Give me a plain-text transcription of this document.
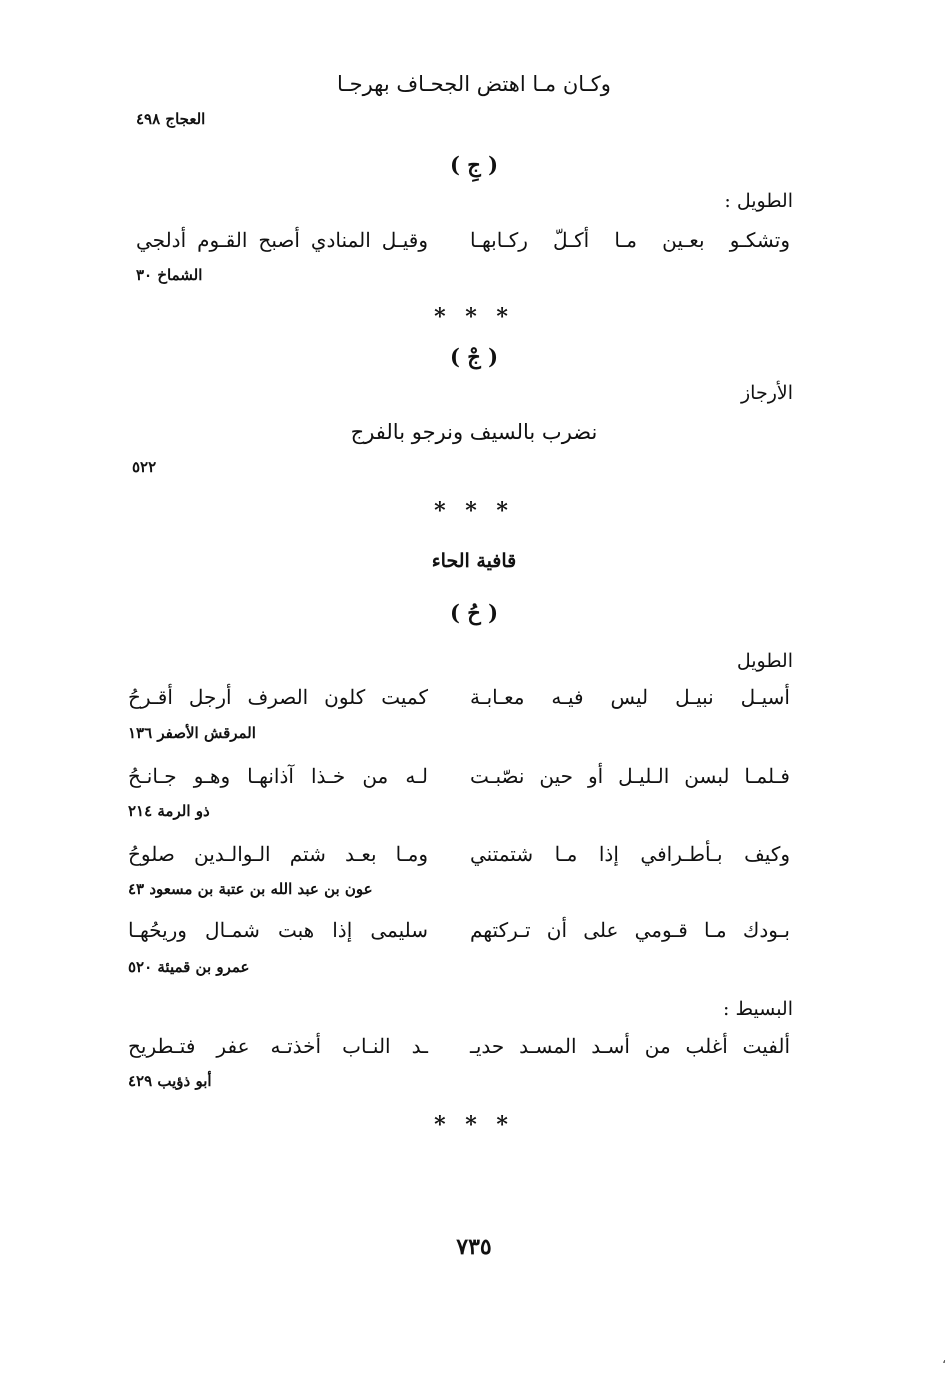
وكـان مـا اهتض الجحـاف بهرجـا
العجاج ٤٩٨
( جِ )
الطويل :
وتشكـو بعـين مـا أكـلّ ركـابهـا
وقيـل المنادي أصبح القـوم أدلجي
الشماخ ٣٠
* * *
( جْ )
الأرجاز
نضرب بالسيف ونرجو بالفرج
٥٢٢
* * *
قافية الحاء
( حُ )
الطويل
أسيـل نبيـل ليس فيـه معـابـة
كميت كلون الصرف أرجل أقـرحُ
المرقش الأصفر ١٣٦
فـلمـا لبسن الـليـل أو حين نصّبـت
لـه من خـذا آذانهـا وهـو جـانـحُ
ذو الرمة ٢١٤
وكيف بـأطـرافي إذا مـا شتمتني
ومـا بعـد شتم الـوالـدين صلوحُ
عون بن عبد الله بن عتبة بن مسعود ٤٣
بـودك مـا قـومي على أن تـركتهم
سليمى إذا هبت شمـال وريحُهـا
عمرو بن قميئة ٥٢٠
البسيط :
ألفيت أغلب من أسـد المسـد حديـ
ـد النـاب أخذتـه عفر فتـطريح
أبو ذؤيب ٤٢٩
* * *
٧٣٥
،
